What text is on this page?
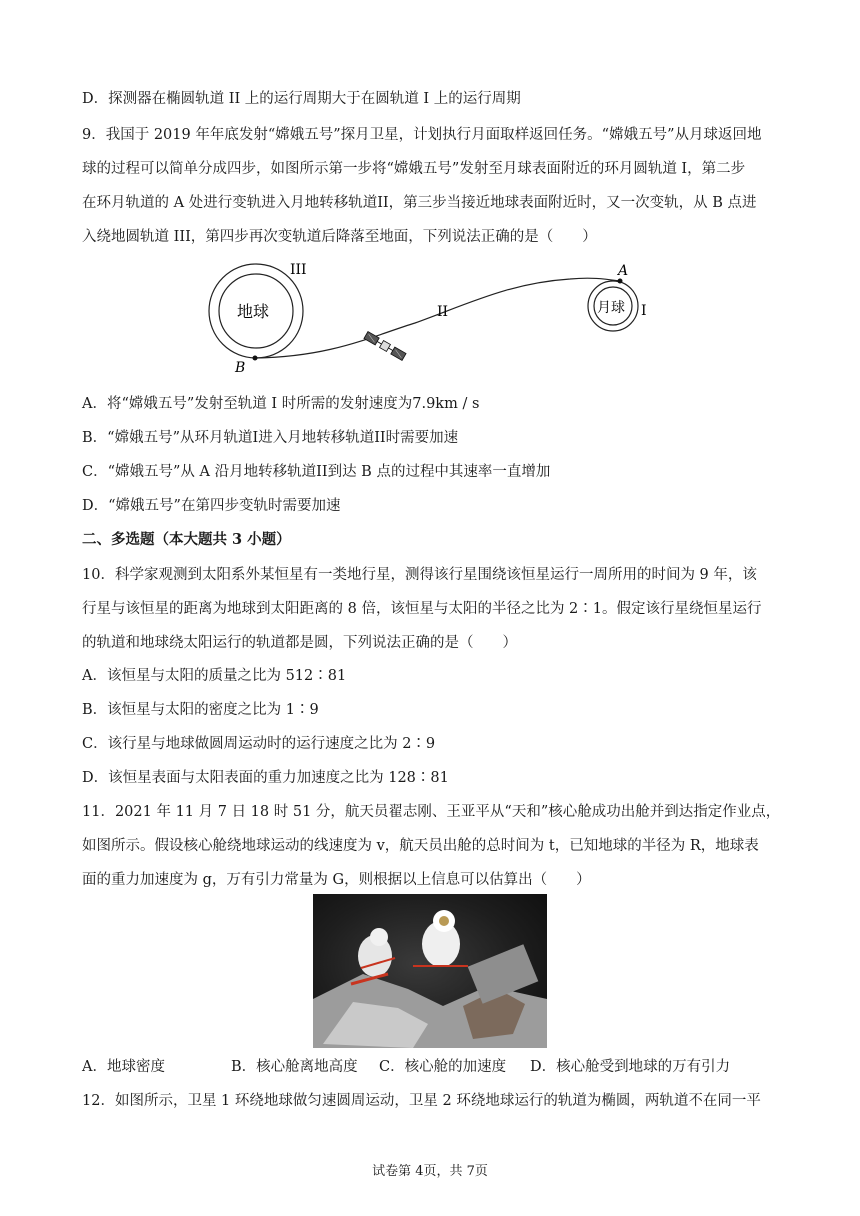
D．探测器在椭圆轨道 II 上的运行周期大于在圆轨道 I 上的运行周期
9．我国于 2019 年年底发射“嫦娥五号”探月卫星，计划执行月面取样返回任务。“嫦娥五号”从月球返回地
球的过程可以简单分成四步，如图所示第一步将“嫦娥五号”发射至月球表面附近的环月圆轨道 I，第二步
在环月轨道的 A 处进行变轨进入月地转移轨道II，第三步当接近地球表面附近时，又一次变轨，从 B 点进
入绕地圆轨道 III，第四步再次变轨道后降落至地面，下列说法正确的是（　　）
地球
III
月球 I
II
A
B
A．将“嫦娥五号”发射至轨道 I 时所需的发射速度为7.9km / s
B．“嫦娥五号”从环月轨道I进入月地转移轨道II时需要加速
C．“嫦娥五号”从 A 沿月地转移轨道II到达 B 点的过程中其速率一直增加
D．“嫦娥五号”在第四步变轨时需要加速
二、多选题（本大题共 3 小题）
10．科学家观测到太阳系外某恒星有一类地行星，测得该行星围绕该恒星运行一周所用的时间为 9 年，该
行星与该恒星的距离为地球到太阳距离的 8 倍，该恒星与太阳的半径之比为 2∶1。假定该行星绕恒星运行
的轨道和地球绕太阳运行的轨道都是圆，下列说法正确的是（　　）
A．该恒星与太阳的质量之比为 512∶81
B．该恒星与太阳的密度之比为 1∶9
C．该行星与地球做圆周运动时的运行速度之比为 2∶9
D．该恒星表面与太阳表面的重力加速度之比为 128∶81
11．2021 年 11 月 7 日 18 时 51 分，航天员翟志刚、王亚平从“天和”核心舱成功出舱并到达指定作业点，
如图所示。假设核心舱绕地球运动的线速度为 v，航天员出舱的总时间为 t，已知地球的半径为 R，地球表
面的重力加速度为 g，万有引力常量为 G，则根据以上信息可以估算出（　　）
A．地球密度	B．核心舱离地高度 C．核心舱的加速度 D．核心舱受到地球的万有引力
12．如图所示，卫星 1 环绕地球做匀速圆周运动，卫星 2 环绕地球运行的轨道为椭圆，两轨道不在同一平
试卷第 4页，共 7页
